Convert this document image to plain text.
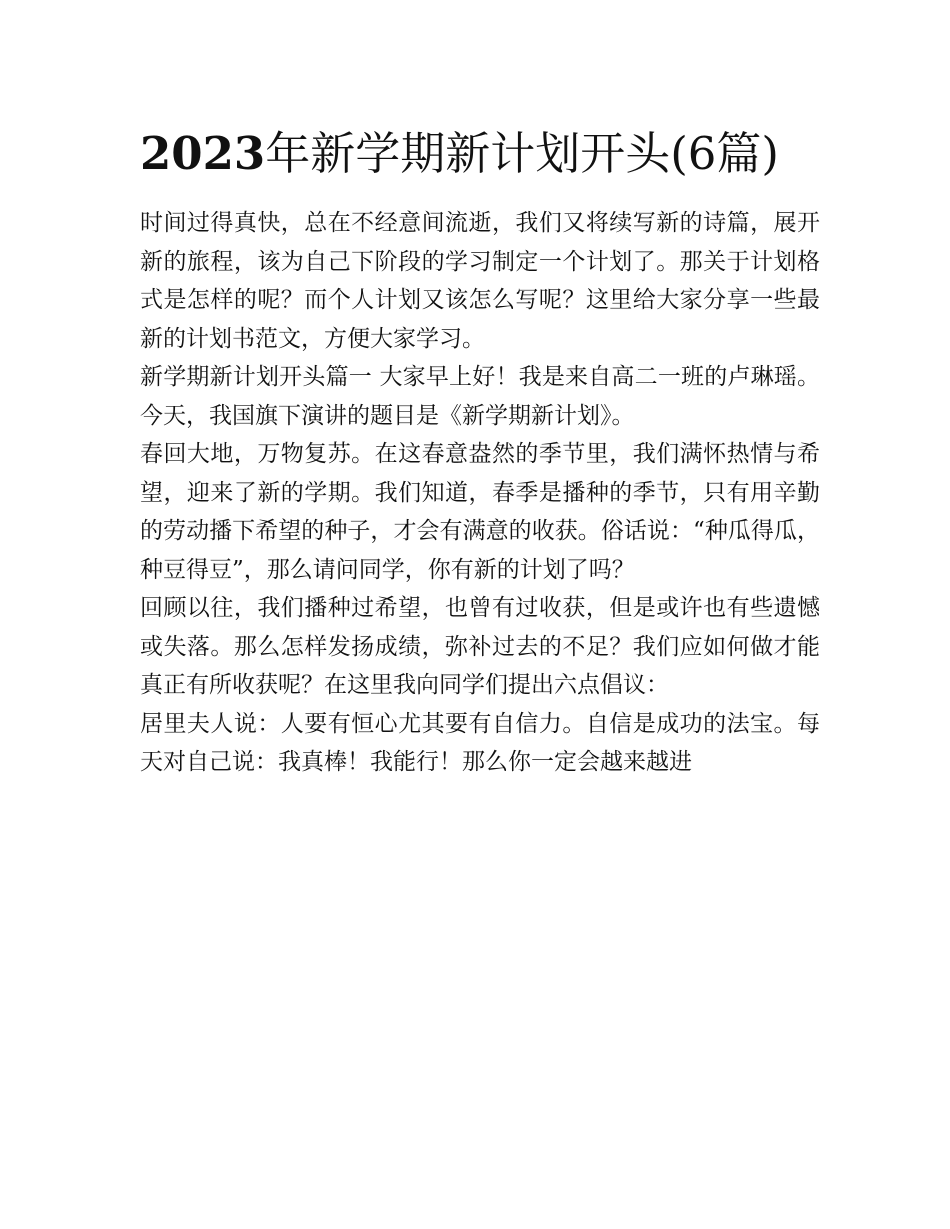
2023年新学期新计划开头(6篇)

时间过得真快，总在不经意间流逝，我们又将续写新的诗篇，展开新的旅程，该为自己下阶段的学习制定一个计划了。那关于计划格式是怎样的呢？而个人计划又该怎么写呢？这里给大家分享一些最新的计划书范文，方便大家学习。

新学期新计划开头篇一 大家早上好！我是来自高二一班的卢琳瑶。今天，我国旗下演讲的题目是《新学期新计划》。

春回大地，万物复苏。在这春意盎然的季节里，我们满怀热情与希望，迎来了新的学期。我们知道，春季是播种的季节，只有用辛勤的劳动播下希望的种子，才会有满意的收获。俗话说：“种瓜得瓜，种豆得豆”，那么请问同学，你有新的计划了吗？

回顾以往，我们播种过希望，也曾有过收获，但是或许也有些遗憾或失落。那么怎样发扬成绩，弥补过去的不足？我们应如何做才能真正有所收获呢？在这里我向同学们提出六点倡议：

居里夫人说：人要有恒心尤其要有自信力。自信是成功的法宝。每天对自己说：我真棒！我能行！那么你一定会越来越进
